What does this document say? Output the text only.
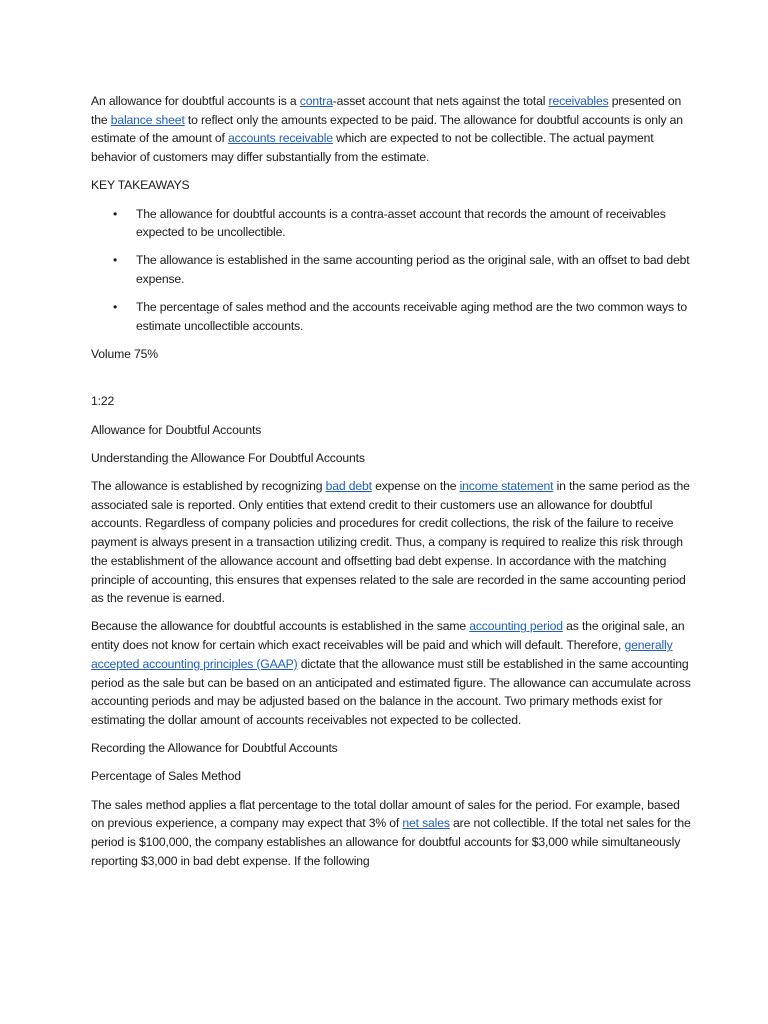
An allowance for doubtful accounts is a contra-asset account that nets against the total receivables presented on the balance sheet to reflect only the amounts expected to be paid. The allowance for doubtful accounts is only an estimate of the amount of accounts receivable which are expected to not be collectible. The actual payment behavior of customers may differ substantially from the estimate.

KEY TAKEAWAYS

• The allowance for doubtful accounts is a contra-asset account that records the amount of receivables expected to be uncollectible.
• The allowance is established in the same accounting period as the original sale, with an offset to bad debt expense.
• The percentage of sales method and the accounts receivable aging method are the two common ways to estimate uncollectible accounts.

Volume 75%

1:22

Allowance for Doubtful Accounts

Understanding the Allowance For Doubtful Accounts

The allowance is established by recognizing bad debt expense on the income statement in the same period as the associated sale is reported. Only entities that extend credit to their customers use an allowance for doubtful accounts. Regardless of company policies and procedures for credit collections, the risk of the failure to receive payment is always present in a transaction utilizing credit. Thus, a company is required to realize this risk through the establishment of the allowance account and offsetting bad debt expense. In accordance with the matching principle of accounting, this ensures that expenses related to the sale are recorded in the same accounting period as the revenue is earned.

Because the allowance for doubtful accounts is established in the same accounting period as the original sale, an entity does not know for certain which exact receivables will be paid and which will default. Therefore, generally accepted accounting principles (GAAP) dictate that the allowance must still be established in the same accounting period as the sale but can be based on an anticipated and estimated figure. The allowance can accumulate across accounting periods and may be adjusted based on the balance in the account. Two primary methods exist for estimating the dollar amount of accounts receivables not expected to be collected.

Recording the Allowance for Doubtful Accounts

Percentage of Sales Method

The sales method applies a flat percentage to the total dollar amount of sales for the period. For example, based on previous experience, a company may expect that 3% of net sales are not collectible. If the total net sales for the period is $100,000, the company establishes an allowance for doubtful accounts for $3,000 while simultaneously reporting $3,000 in bad debt expense. If the following
